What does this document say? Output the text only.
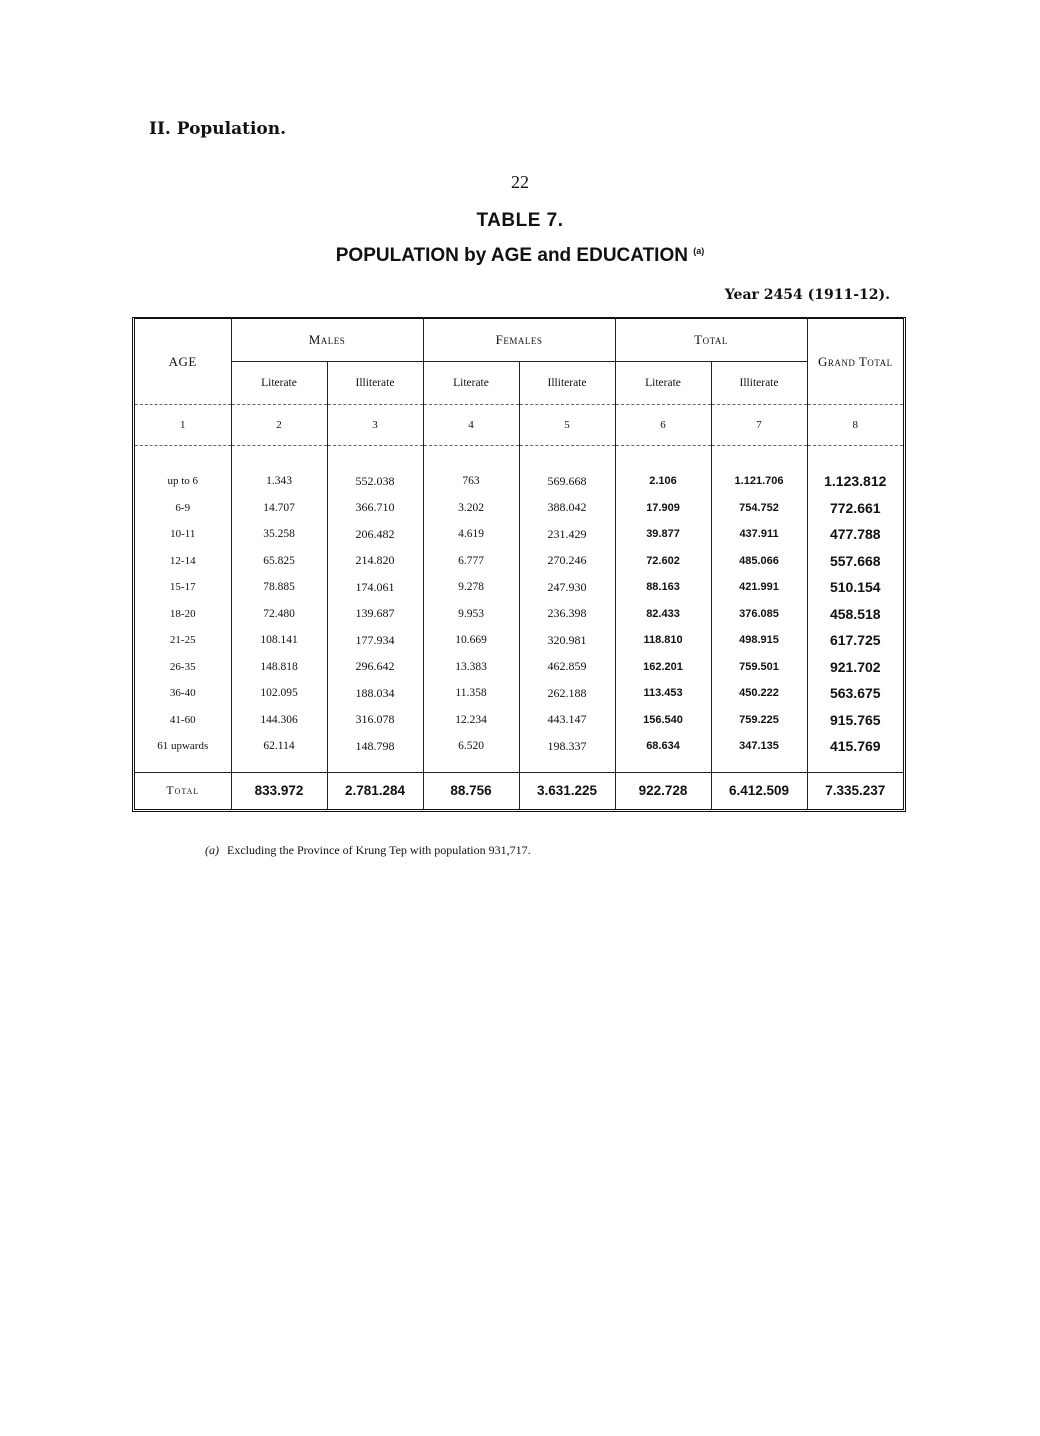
II. Population.
22
TABLE 7.
POPULATION by AGE and EDUCATION $^{(a)}$
Year 2454 (1911-12).
AGE	Males		Females		Total		Grand Total
	Literate	Illiterate	Literate	Illiterate	Literate	Illiterate	
1	2	3	4	5	6	7	8

up to 6	1.343	552.038	763	569.668	2.106	1.121.706	1.123.812
6-9	14.707	366.710	3.202	388.042	17.909	754.752	772.661
10-11	35.258	206.482	4.619	231.429	39.877	437.911	477.788
12-14	65.825	214.820	6.777	270.246	72.602	485.066	557.668
15-17	78.885	174.061	9.278	247.930	88.163	421.991	510.154
18-20	72.480	139.687	9.953	236.398	82.433	376.085	458.518
21-25	108.141	177.934	10.669	320.981	118.810	498.915	617.725
26-35	148.818	296.642	13.383	462.859	162.201	759.501	921.702
36-40	102.095	188.034	11.358	262.188	113.453	450.222	563.675
41-60	144.306	316.078	12.234	443.147	156.540	759.225	915.765
61 upwards	62.114	148.798	6.520	198.337	68.634	347.135	415.769

Total	833.972	2.781.284	88.756	3.631.225	922.728	6.412.509	7.335.237
(a) Excluding the Province of Krung Tep with population 931,717.
